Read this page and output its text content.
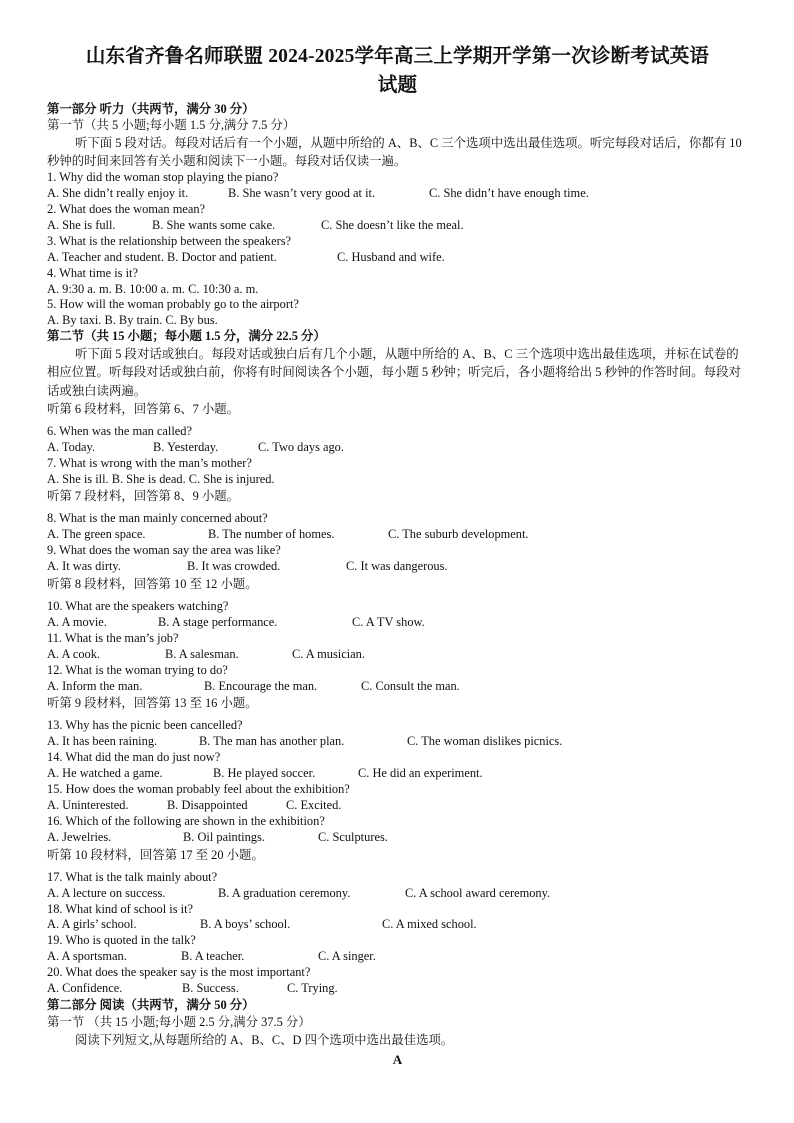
山东省齐鲁名师联盟 2024-2025学年高三上学期开学第一次诊断考试英语
试题
第一部分 听力（共两节，满分 30 分）
第一节（共 5 小题;每小题 1.5 分,满分 7.5 分）
听下面 5 段对话。每段对话后有一个小题，从题中所给的 A、B、C 三个选项中选出最佳选项。听完每段对话后，你都有 10 秒钟的时间来回答有关小题和阅读下一小题。每段对话仅读一遍。
1. Why did the woman stop playing the piano?
A. She didn’t really enjoy it.	B. She wasn’t very good at it.	C. She didn’t have enough time.
2. What does the woman mean?
A. She is full.	B. She wants some cake.	C. She doesn’t like the meal.
3. What is the relationship between the speakers?
A. Teacher and student. B. Doctor and patient.	C. Husband and wife.
4. What time is it?
A. 9:30 a. m. B. 10:00 a. m. C. 10:30 a. m.
5. How will the woman probably go to the airport?
A. By taxi. B. By train. C. By bus.
第二节（共 15 小题；每小题 1.5 分，满分 22.5 分）
听下面 5 段对话或独白。每段对话或独白后有几个小题，从题中所给的 A、B、C 三个选项中选出最佳选项，并标在试卷的相应位置。听每段对话或独白前，你将有时间阅读各个小题，每小题 5 秒钟；听完后，各小题将给出 5 秒钟的作答时间。每段对话或独白读两遍。
听第 6 段材料，回答第 6、7 小题。
6. When was the man called?
A. Today.	B. Yesterday.	C. Two days ago.
7. What is wrong with the man’s mother?
A. She is ill. B. She is dead. C. She is injured.
听第 7 段材料，回答第 8、9 小题。
8. What is the man mainly concerned about?
A. The green space.	B. The number of homes.	C. The suburb development.
9. What does the woman say the area was like?
A. It was dirty.	B. It was crowded.	C. It was dangerous.
听第 8 段材料，回答第 10 至 12 小题。
10. What are the speakers watching?
A. A movie.	B. A stage performance.	C. A TV show.
11. What is the man’s job?
A. A cook.	B. A salesman.	C. A musician.
12. What is the woman trying to do?
A. Inform the man.	B. Encourage the man.	C. Consult the man.
听第 9 段材料，回答第 13 至 16 小题。
13. Why has the picnic been cancelled?
A. It has been raining.	B. The man has another plan.	C. The woman dislikes picnics.
14. What did the man do just now?
A. He watched a game.	B. He played soccer.	C. He did an experiment.
15. How does the woman probably feel about the exhibition?
A. Uninterested.	B. Disappointed	C. Excited.
16. Which of the following are shown in the exhibition?
A. Jewelries.	B. Oil paintings.	C. Sculptures.
听第 10 段材料，回答第 17 至 20 小题。
17. What is the talk mainly about?
A. A lecture on success.	B. A graduation ceremony.	C. A school award ceremony.
18. What kind of school is it?
A. A girls’ school.	B. A boys’ school.	C. A mixed school.
19. Who is quoted in the talk?
A. A sportsman.	B. A teacher.	C. A singer.
20. What does the speaker say is the most important?
A. Confidence.	B. Success.	C. Trying.
第二部分 阅读（共两节，满分 50 分）
第一节 （共 15 小题;每小题 2.5 分,满分 37.5 分）
阅读下列短文,从每题所给的 A、B、C、D 四个选项中选出最佳选项。
A
